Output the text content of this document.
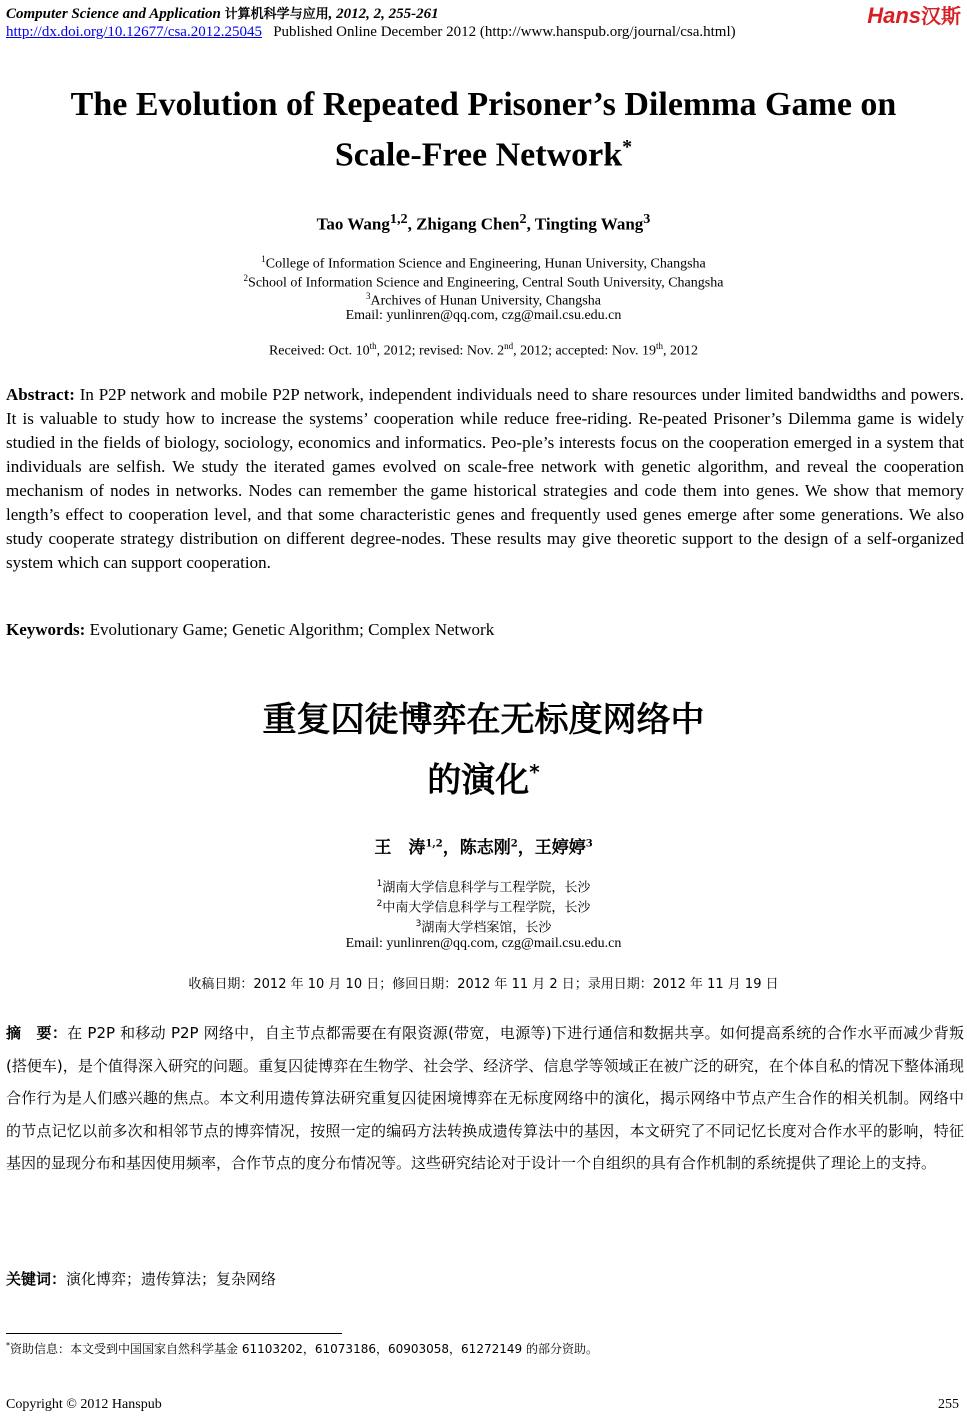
Computer Science and Application 计算机科学与应用, 2012, 2, 255-261
http://dx.doi.org/10.12677/csa.2012.25045 Published Online December 2012 (http://www.hanspub.org/journal/csa.html)
Hans汉斯
The Evolution of Repeated Prisoner’s Dilemma Game on
Scale-Free Network*
Tao Wang$^{1,2}$, Zhigang Chen$^2$, Tingting Wang$^3$
$^1$College of Information Science and Engineering, Hunan University, Changsha
$^2$School of Information Science and Engineering, Central South University, Changsha
$^3$Archives of Hunan University, Changsha
Email: yunlinren@qq.com, czg@mail.csu.edu.cn
Received: Oct. 10th, 2012; revised: Nov. 2nd, 2012; accepted: Nov. 19th, 2012
Abstract: In P2P network and mobile P2P network, independent individuals need to share resources under limited bandwidths and powers. It is valuable to study how to increase the systems’ cooperation while reduce free-riding. Re-peated Prisoner’s Dilemma game is widely studied in the fields of biology, sociology, economics and informatics. Peo-ple’s interests focus on the cooperation emerged in a system that individuals are selfish. We study the iterated games evolved on scale-free network with genetic algorithm, and reveal the cooperation mechanism of nodes in networks. Nodes can remember the game historical strategies and code them into genes. We show that memory length’s effect to cooperation level, and that some characteristic genes and frequently used genes emerge after some generations. We also study cooperate strategy distribution on different degree-nodes. These results may give theoretic support to the design of a self-organized system which can support cooperation.
Keywords: Evolutionary Game; Genetic Algorithm; Complex Network
重复囚徒博弈在无标度网络中
的演化*
王　涛$^{1,2}$，陈志刚$^2$，王婷婷$^3$
$^1$湖南大学信息科学与工程学院，长沙
$^2$中南大学信息科学与工程学院，长沙
$^3$湖南大学档案馆，长沙
Email: yunlinren@qq.com, czg@mail.csu.edu.cn
收稿日期：2012 年 10 月 10 日；修回日期：2012 年 11 月 2 日；录用日期：2012 年 11 月 19 日
摘　要：在 P2P 和移动 P2P 网络中，自主节点都需要在有限资源(带宽，电源等)下进行通信和数据共享。如何提高系统的合作水平而减少背叛(搭便车)，是个值得深入研究的问题。重复囚徒博弈在生物学、社会学、经济学、信息学等领域正在被广泛的研究，在个体自私的情况下整体涌现合作行为是人们感兴趣的焦点。本文利用遗传算法研究重复囚徒困境博弈在无标度网络中的演化，揭示网络中节点产生合作的相关机制。网络中的节点记忆以前多次和相邻节点的博弈情况，按照一定的编码方法转换成遗传算法中的基因，本文研究了不同记忆长度对合作水平的影响，特征基因的显现分布和基因使用频率，合作节点的度分布情况等。这些研究结论对于设计一个自组织的具有合作机制的系统提供了理论上的支持。
关键词：演化博弈；遗传算法；复杂网络
*资助信息：本文受到中国国家自然科学基金 61103202，61073186，60903058，61272149 的部分资助。
Copyright © 2012 Hanspub	255
